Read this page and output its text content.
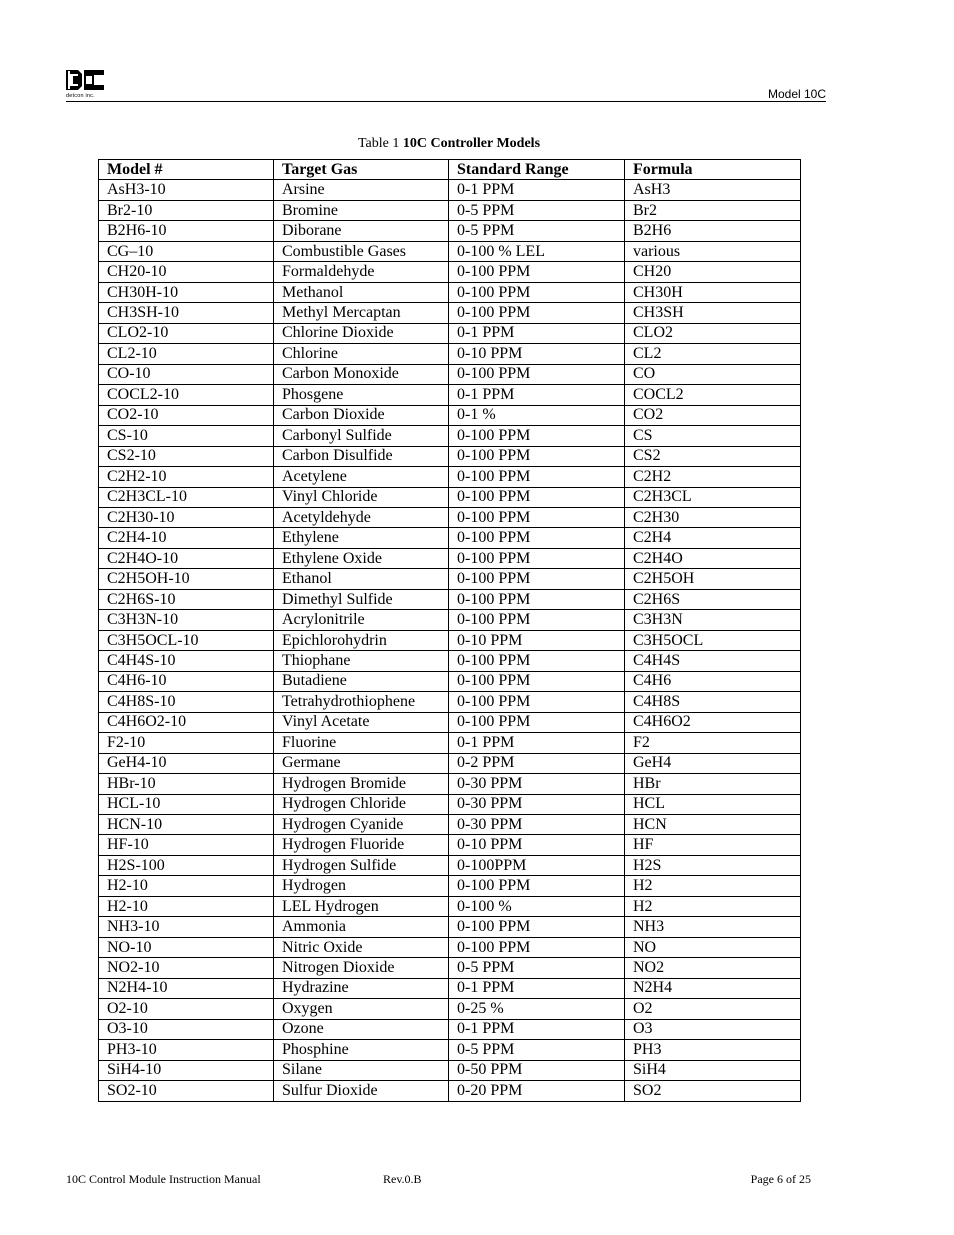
detcon inc.	Model 10C
Table 1 10C Controller Models
Model #	Target Gas	Standard Range	Formula
AsH3-10	Arsine	0-1 PPM	AsH3
Br2-10	Bromine	0-5 PPM	Br2
B2H6-10	Diborane	0-5 PPM	B2H6
CG–10	Combustible Gases	0-100 % LEL	various
CH20-10	Formaldehyde	0-100 PPM	CH20
CH30H-10	Methanol	0-100 PPM	CH30H
CH3SH-10	Methyl Mercaptan	0-100 PPM	CH3SH
CLO2-10	Chlorine Dioxide	0-1 PPM	CLO2
CL2-10	Chlorine	0-10 PPM	CL2
CO-10	Carbon Monoxide	0-100 PPM	CO
COCL2-10	Phosgene	0-1 PPM	COCL2
CO2-10	Carbon Dioxide	0-1 %	CO2
CS-10	Carbonyl Sulfide	0-100 PPM	CS
CS2-10	Carbon Disulfide	0-100 PPM	CS2
C2H2-10	Acetylene	0-100 PPM	C2H2
C2H3CL-10	Vinyl Chloride	0-100 PPM	C2H3CL
C2H30-10	Acetyldehyde	0-100 PPM	C2H30
C2H4-10	Ethylene	0-100 PPM	C2H4
C2H4O-10	Ethylene Oxide	0-100 PPM	C2H4O
C2H5OH-10	Ethanol	0-100 PPM	C2H5OH
C2H6S-10	Dimethyl Sulfide	0-100 PPM	C2H6S
C3H3N-10	Acrylonitrile	0-100 PPM	C3H3N
C3H5OCL-10	Epichlorohydrin	0-10 PPM	C3H5OCL
C4H4S-10	Thiophane	0-100 PPM	C4H4S
C4H6-10	Butadiene	0-100 PPM	C4H6
C4H8S-10	Tetrahydrothiophene	0-100 PPM	C4H8S
C4H6O2-10	Vinyl Acetate	0-100 PPM	C4H6O2
F2-10	Fluorine	0-1 PPM	F2
GeH4-10	Germane	0-2 PPM	GeH4
HBr-10	Hydrogen Bromide	0-30 PPM	HBr
HCL-10	Hydrogen Chloride	0-30 PPM	HCL
HCN-10	Hydrogen Cyanide	0-30 PPM	HCN
HF-10	Hydrogen Fluoride	0-10 PPM	HF
H2S-100	Hydrogen Sulfide	0-100PPM	H2S
H2-10	Hydrogen	0-100 PPM	H2
H2-10	LEL Hydrogen	0-100 %	H2
NH3-10	Ammonia	0-100 PPM	NH3
NO-10	Nitric Oxide	0-100 PPM	NO
NO2-10	Nitrogen Dioxide	0-5 PPM	NO2
N2H4-10	Hydrazine	0-1 PPM	N2H4
O2-10	Oxygen	0-25 %	O2
O3-10	Ozone	0-1 PPM	O3
PH3-10	Phosphine	0-5 PPM	PH3
SiH4-10	Silane	0-50 PPM	SiH4
SO2-10	Sulfur Dioxide	0-20 PPM	SO2
10C Control Module Instruction Manual	Rev.0.B	Page 6 of 25
